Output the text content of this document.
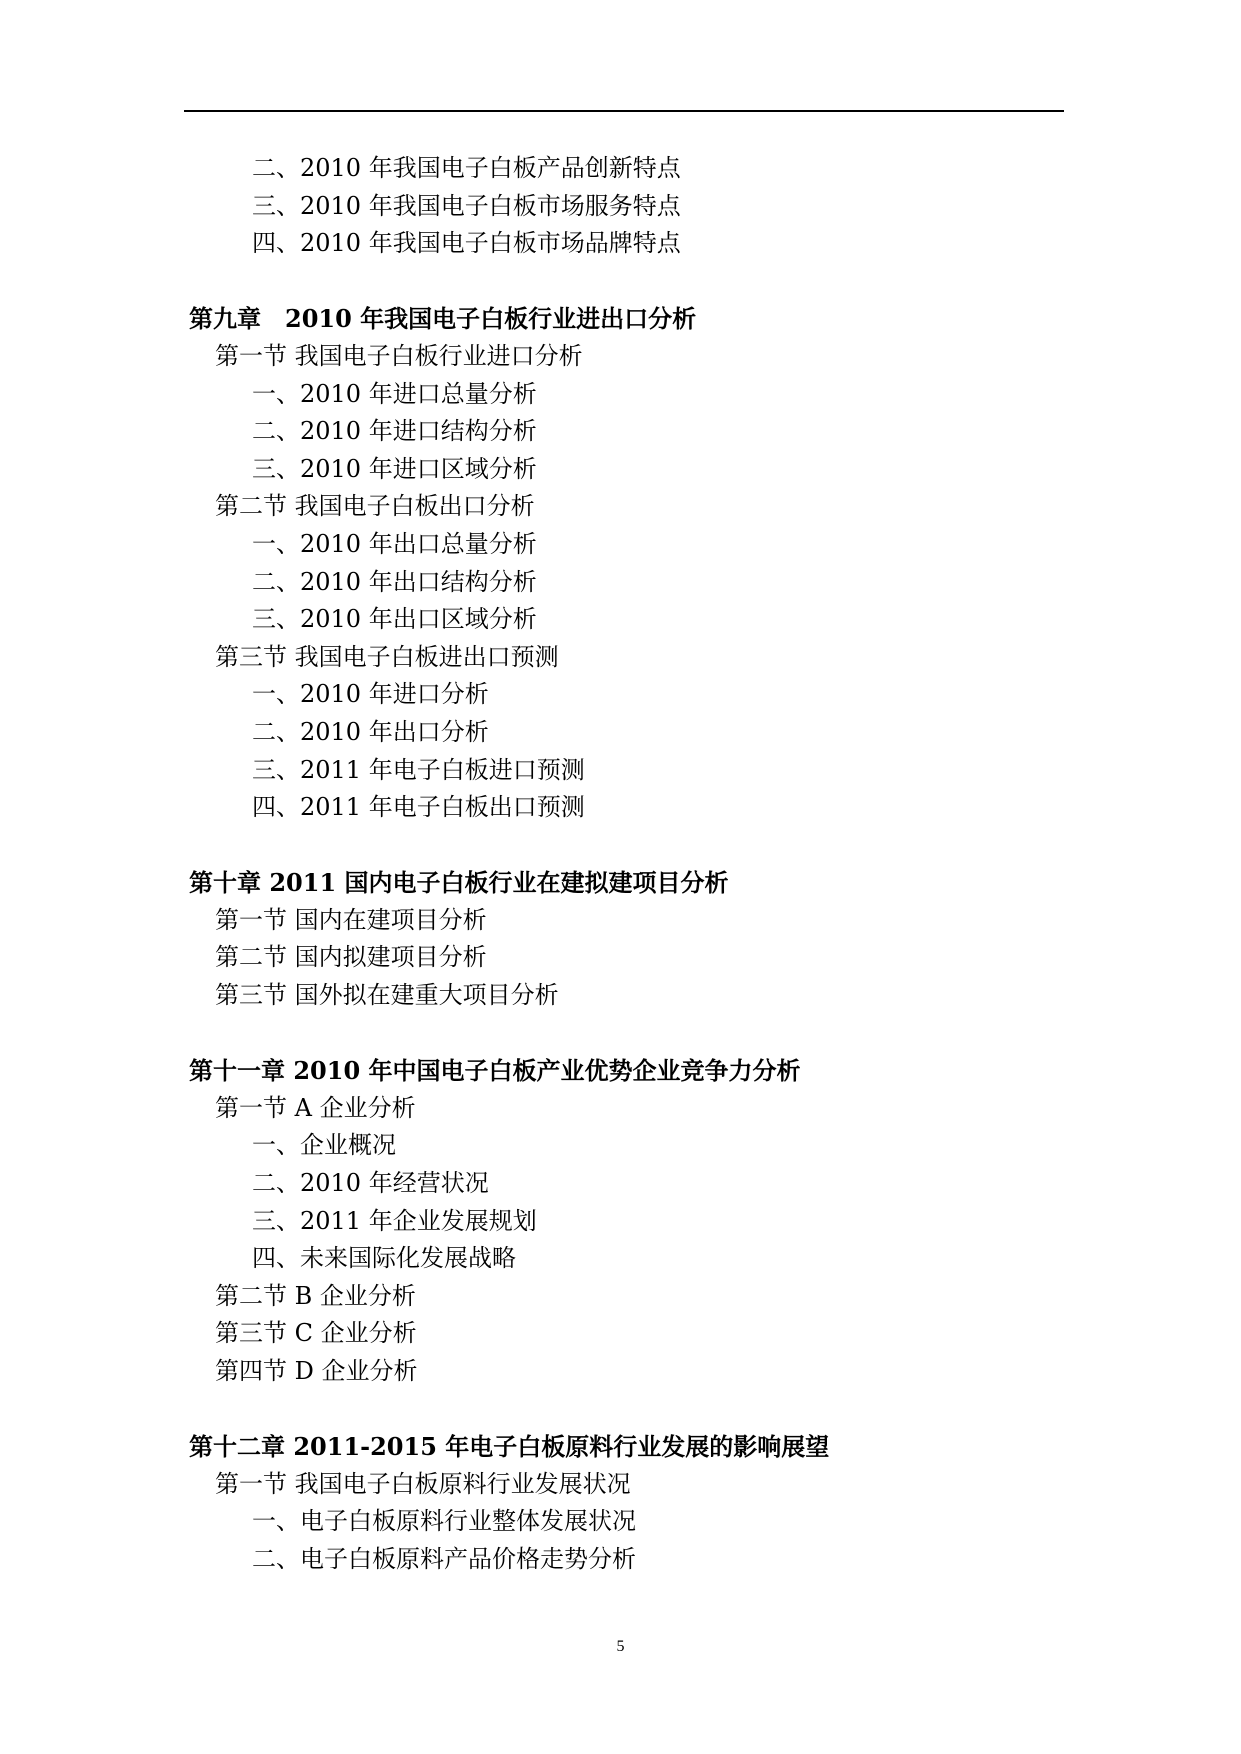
二、2010 年我国电子白板产品创新特点
三、2010 年我国电子白板市场服务特点
四、2010 年我国电子白板市场品牌特点
第九章　2010 年我国电子白板行业进出口分析
第一节 我国电子白板行业进口分析
一、2010 年进口总量分析
二、2010 年进口结构分析
三、2010 年进口区域分析
第二节 我国电子白板出口分析
一、2010 年出口总量分析
二、2010 年出口结构分析
三、2010 年出口区域分析
第三节 我国电子白板进出口预测
一、2010 年进口分析
二、2010 年出口分析
三、2011 年电子白板进口预测
四、2011 年电子白板出口预测
第十章 2011 国内电子白板行业在建拟建项目分析
第一节 国内在建项目分析
第二节 国内拟建项目分析
第三节 国外拟在建重大项目分析
第十一章 2010 年中国电子白板产业优势企业竞争力分析
第一节 A 企业分析
一、企业概况
二、2010 年经营状况
三、2011 年企业发展规划
四、未来国际化发展战略
第二节 B 企业分析
第三节 C 企业分析
第四节 D 企业分析
第十二章 2011-2015 年电子白板原料行业发展的影响展望
第一节 我国电子白板原料行业发展状况
一、电子白板原料行业整体发展状况
二、电子白板原料产品价格走势分析
5
